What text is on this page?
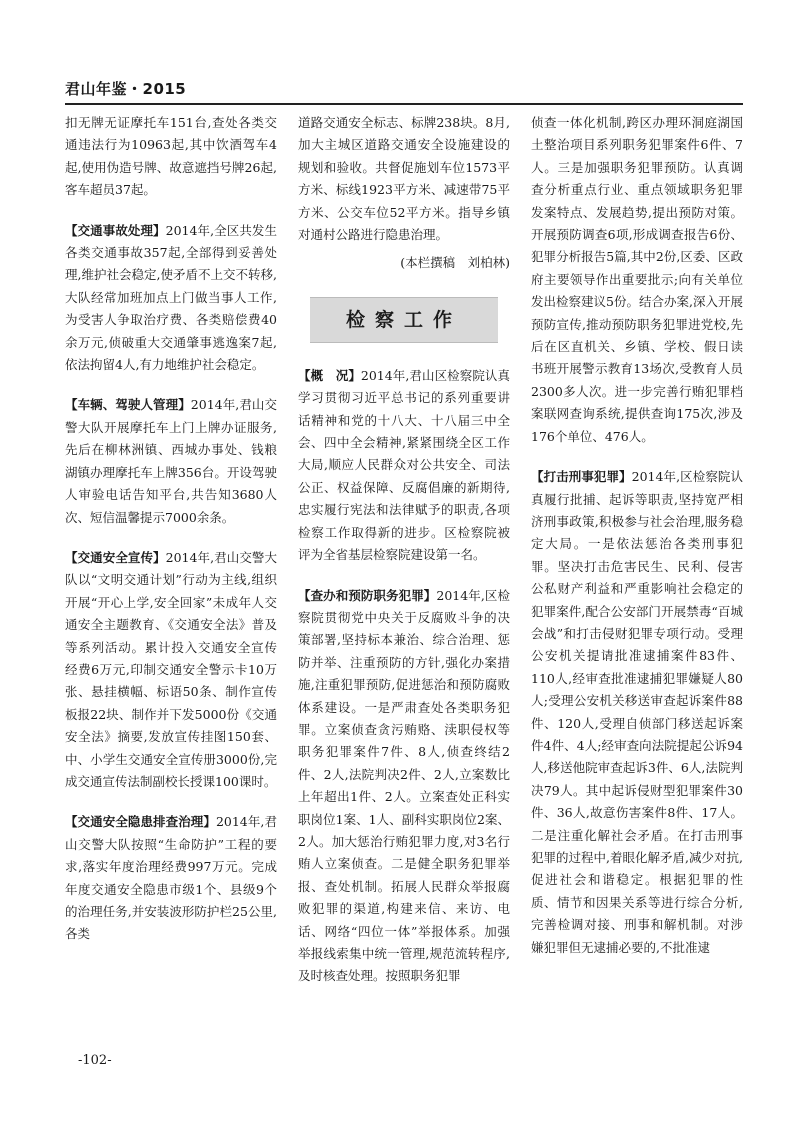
君山年鉴・2015

扣无牌无证摩托车151台,查处各类交通违法行为10963起,其中饮酒驾车4起,使用伪造号牌、故意遮挡号牌26起,客车超员37起。

【交通事故处理】2014年,全区共发生各类交通事故357起,全部得到妥善处理,维护社会稳定,使矛盾不上交不转移,大队经常加班加点上门做当事人工作,为受害人争取治疗费、各类赔偿费40余万元,侦破重大交通肇事逃逸案7起,依法拘留4人,有力地维护社会稳定。

【车辆、驾驶人管理】2014年,君山交警大队开展摩托车上门上牌办证服务,先后在柳林洲镇、西城办事处、钱粮湖镇办理摩托车上牌356台。开设驾驶人审验电话告知平台,共告知3680人次、短信温馨提示7000余条。

【交通安全宣传】2014年,君山交警大队以“文明交通计划”行动为主线,组织开展“开心上学,安全回家”未成年人交通安全主题教育、《交通安全法》普及等系列活动。累计投入交通安全宣传经费6万元,印制交通安全警示卡10万张、悬挂横幅、标语50条、制作宣传板报22块、制作并下发5000份《交通安全法》摘要,发放宣传挂图150套、中、小学生交通安全宣传册3000份,完成交通宣传法制副校长授课100课时。

【交通安全隐患排查治理】2014年,君山交警大队按照“生命防护”工程的要求,落实年度治理经费997万元。完成年度交通安全隐患市级1个、县级9个的治理任务,并安装波形防护栏25公里,各类

道路交通安全标志、标牌238块。8月,加大主城区道路交通安全设施建设的规划和验收。共督促施划车位1573平方米、标线1923平方米、减速带75平方米、公交车位52平方米。指导乡镇对通村公路进行隐患治理。

(本栏撰稿　刘柏林)

检察工作

【概　况】2014年,君山区检察院认真学习贯彻习近平总书记的系列重要讲话精神和党的十八大、十八届三中全会、四中全会精神,紧紧围绕全区工作大局,顺应人民群众对公共安全、司法公正、权益保障、反腐倡廉的新期待,忠实履行宪法和法律赋予的职责,各项检察工作取得新的进步。区检察院被评为全省基层检察院建设第一名。

【查办和预防职务犯罪】2014年,区检察院贯彻党中央关于反腐败斗争的决策部署,坚持标本兼治、综合治理、惩防并举、注重预防的方针,强化办案措施,注重犯罪预防,促进惩治和预防腐败体系建设。一是严肃查处各类职务犯罪。立案侦查贪污贿赂、渎职侵权等职务犯罪案件7件、8人,侦查终结2件、2人,法院判决2件、2人,立案数比上年超出1件、2人。立案查处正科实职岗位1案、1人、副科实职岗位2案、2人。加大惩治行贿犯罪力度,对3名行贿人立案侦查。二是健全职务犯罪举报、查处机制。拓展人民群众举报腐败犯罪的渠道,构建来信、来访、电话、网络“四位一体”举报体系。加强举报线索集中统一管理,规范流转程序,及时核查处理。按照职务犯罪

侦查一体化机制,跨区办理环洞庭湖国土整治项目系列职务犯罪案件6件、7人。三是加强职务犯罪预防。认真调查分析重点行业、重点领域职务犯罪发案特点、发展趋势,提出预防对策。开展预防调查6项,形成调查报告6份、犯罪分析报告5篇,其中2份,区委、区政府主要领导作出重要批示;向有关单位发出检察建议5份。结合办案,深入开展预防宣传,推动预防职务犯罪进党校,先后在区直机关、乡镇、学校、假日读书班开展警示教育13场次,受教育人员2300多人次。进一步完善行贿犯罪档案联网查询系统,提供查询175次,涉及176个单位、476人。

【打击刑事犯罪】2014年,区检察院认真履行批捕、起诉等职责,坚持宽严相济刑事政策,积极参与社会治理,服务稳定大局。一是依法惩治各类刑事犯罪。坚决打击危害民生、民利、侵害公私财产利益和严重影响社会稳定的犯罪案件,配合公安部门开展禁毒“百城会战”和打击侵财犯罪专项行动。受理公安机关提请批准逮捕案件83件、110人,经审查批准逮捕犯罪嫌疑人80人;受理公安机关移送审查起诉案件88件、120人,受理自侦部门移送起诉案件4件、4人;经审查向法院提起公诉94人,移送他院审查起诉3件、6人,法院判决79人。其中起诉侵财型犯罪案件30件、36人,故意伤害案件8件、17人。二是注重化解社会矛盾。在打击刑事犯罪的过程中,着眼化解矛盾,减少对抗,促进社会和谐稳定。根据犯罪的性质、情节和因果关系等进行综合分析,完善检调对接、刑事和解机制。对涉嫌犯罪但无逮捕必要的,不批准逮

-102-
